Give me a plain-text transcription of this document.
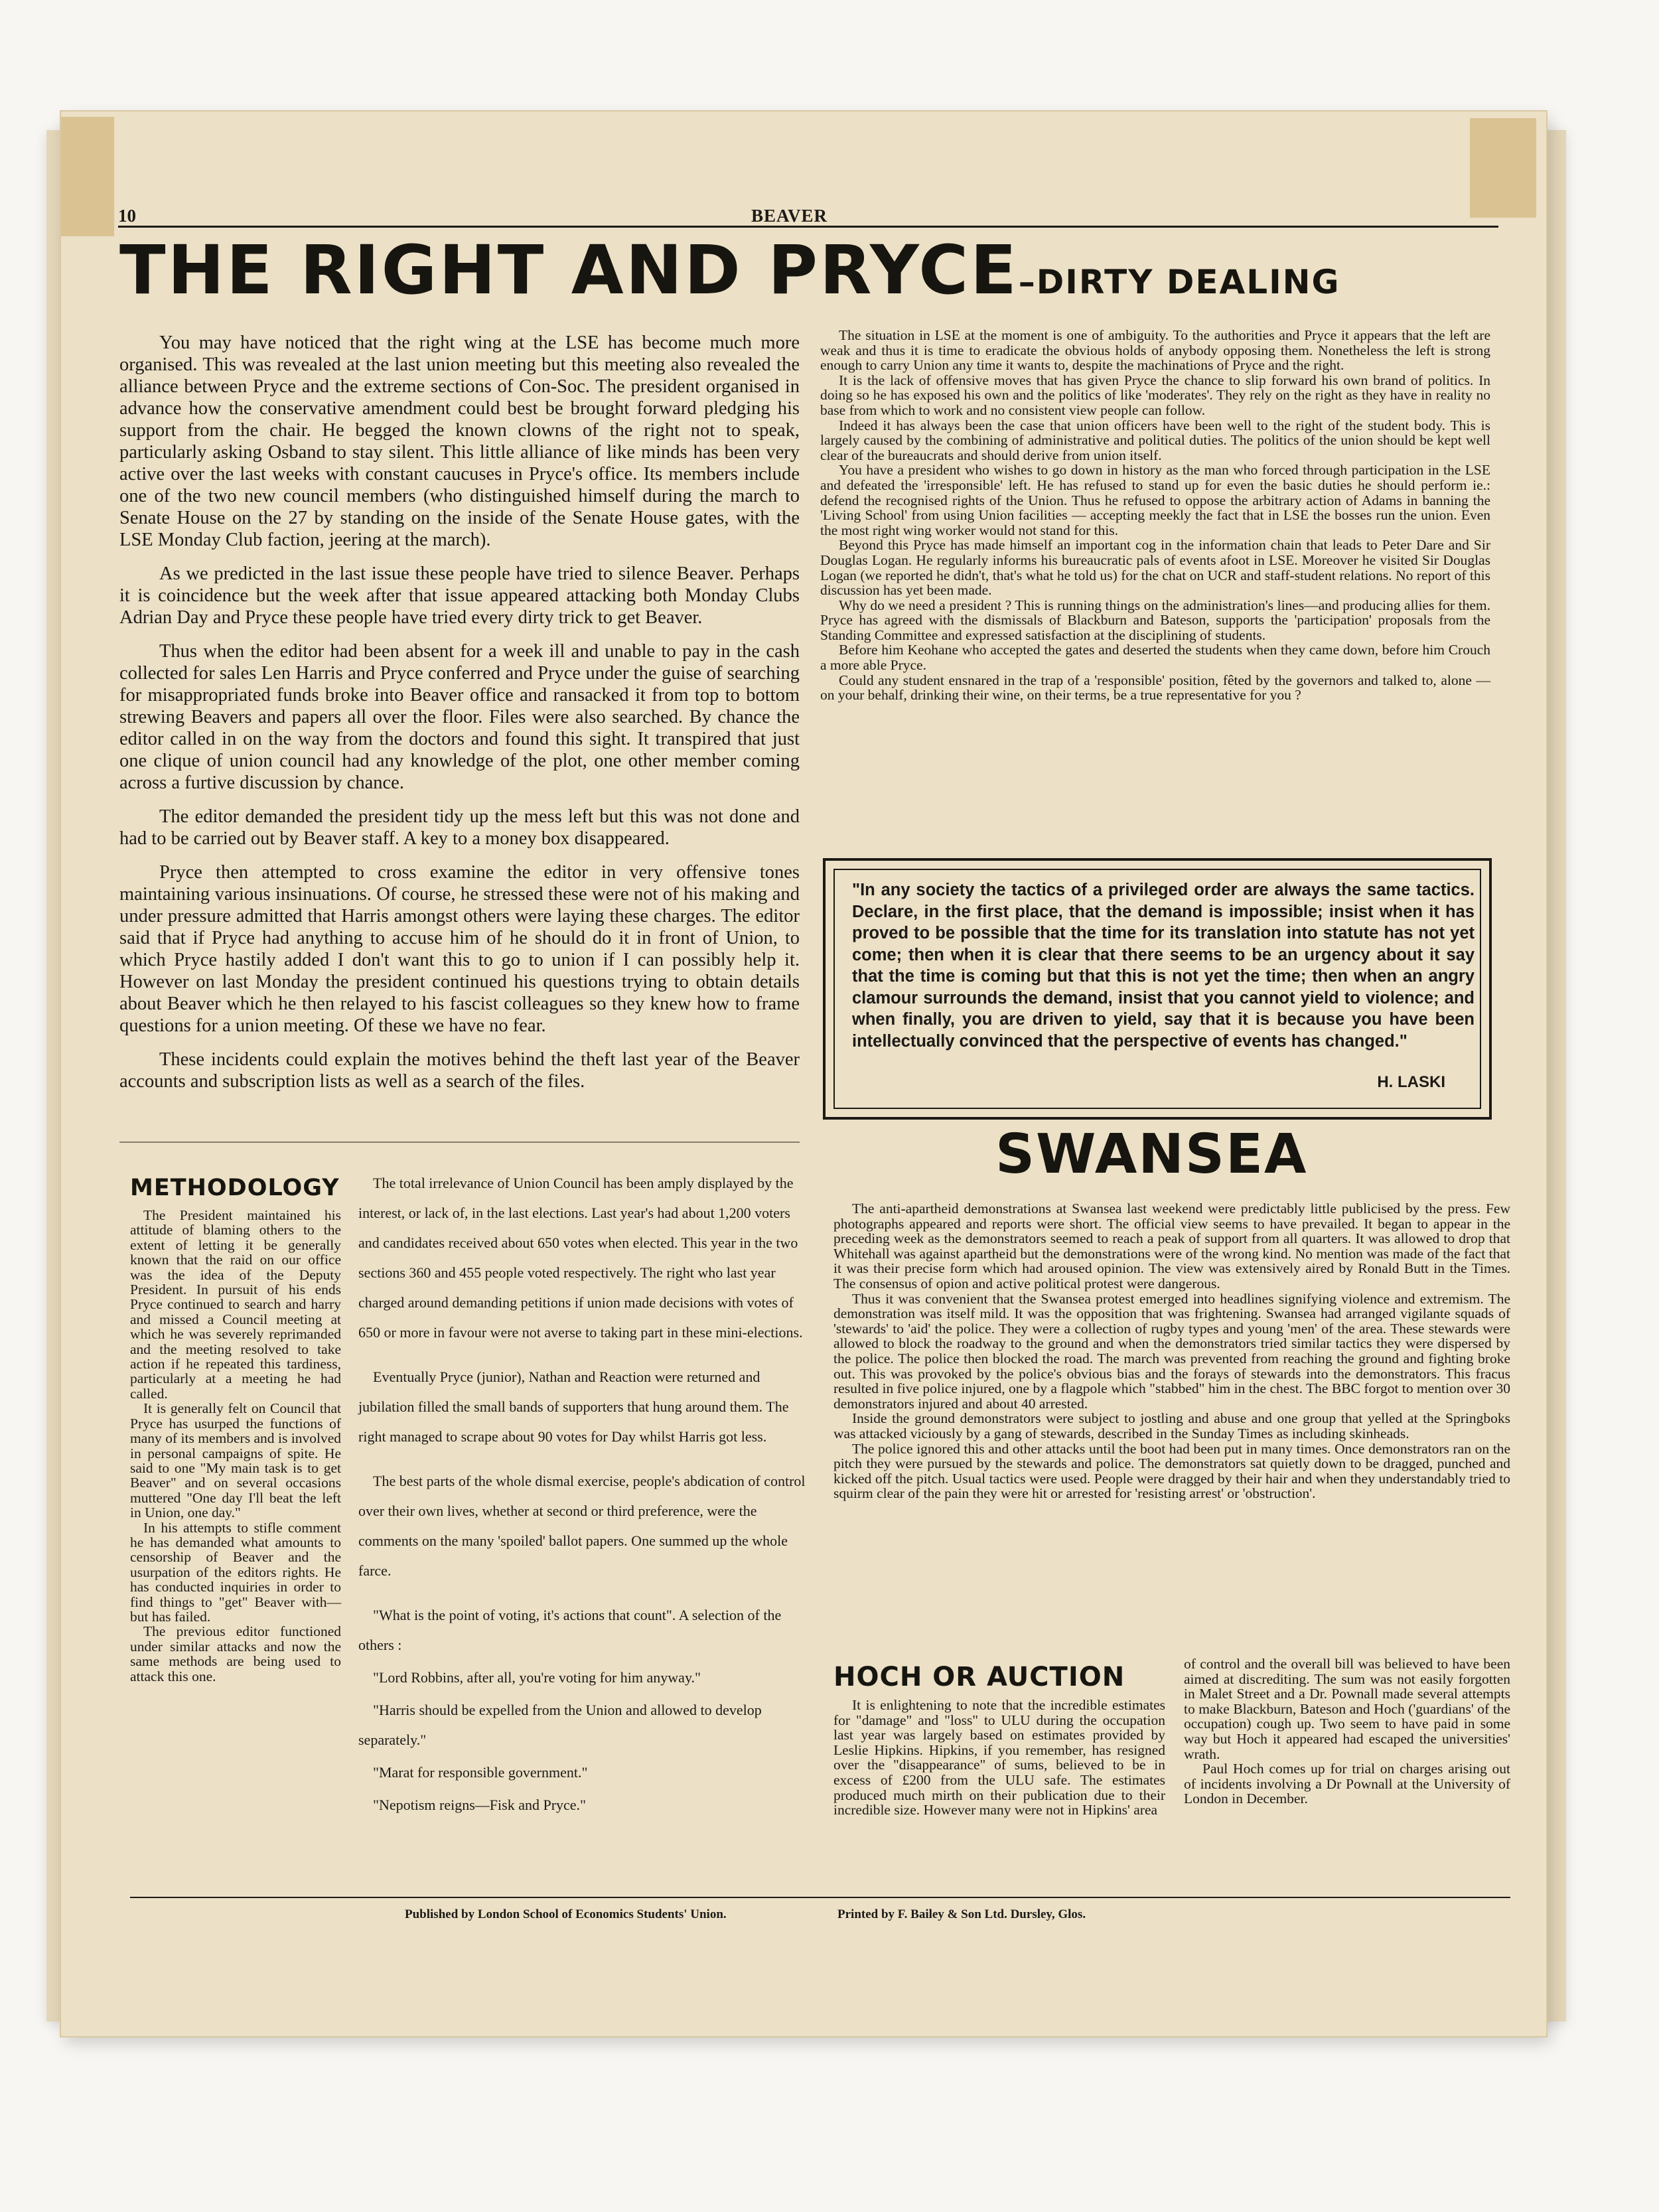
10	BEAVER
THE RIGHT AND PRYCE–DIRTY DEALING

You may have noticed that the right wing at the LSE has become much more organised. This was revealed at the last union meeting but this meeting also revealed the alliance between Pryce and the extreme sections of Con-Soc. The president organised in advance how the conservative amendment could best be brought forward pledging his support from the chair. He begged the known clowns of the right not to speak, particularly asking Osband to stay silent. This little alliance of like minds has been very active over the last weeks with constant caucuses in Pryce's office. Its members include one of the two new council members (who distinguished himself during the march to Senate House on the 27 by standing on the inside of the Senate House gates, with the LSE Monday Club faction, jeering at the march).

As we predicted in the last issue these people have tried to silence Beaver. Perhaps it is coincidence but the week after that issue appeared attacking both Monday Clubs Adrian Day and Pryce these people have tried every dirty trick to get Beaver.

Thus when the editor had been absent for a week ill and unable to pay in the cash collected for sales Len Harris and Pryce conferred and Pryce under the guise of searching for misappropriated funds broke into Beaver office and ransacked it from top to bottom strewing Beavers and papers all over the floor. Files were also searched. By chance the editor called in on the way from the doctors and found this sight. It transpired that just one clique of union council had any knowledge of the plot, one other member coming across a furtive discussion by chance.

The editor demanded the president tidy up the mess left but this was not done and had to be carried out by Beaver staff. A key to a money box disappeared.

Pryce then attempted to cross examine the editor in very offensive tones maintaining various insinuations. Of course, he stressed these were not of his making and under pressure admitted that Harris amongst others were laying these charges. The editor said that if Pryce had anything to accuse him of he should do it in front of Union, to which Pryce hastily added I don't want this to go to union if I can possibly help it. However on last Monday the president continued his questions trying to obtain details about Beaver which he then relayed to his fascist colleagues so they knew how to frame questions for a union meeting. Of these we have no fear.

These incidents could explain the motives behind the theft last year of the Beaver accounts and subscription lists as well as a search of the files.

The situation in LSE at the moment is one of ambiguity. To the authorities and Pryce it appears that the left are weak and thus it is time to eradicate the obvious holds of anybody opposing them. Nonetheless the left is strong enough to carry Union any time it wants to, despite the machinations of Pryce and the right.

It is the lack of offensive moves that has given Pryce the chance to slip forward his own brand of politics. In doing so he has exposed his own and the politics of like 'moderates'. They rely on the right as they have in reality no base from which to work and no consistent view people can follow.

Indeed it has always been the case that union officers have been well to the right of the student body. This is largely caused by the combining of administrative and political duties. The politics of the union should be kept well clear of the bureaucrats and should derive from union itself.

You have a president who wishes to go down in history as the man who forced through participation in the LSE and defeated the 'irresponsible' left. He has refused to stand up for even the basic duties he should perform ie.: defend the recognised rights of the Union. Thus he refused to oppose the arbitrary action of Adams in banning the 'Living School' from using Union facilities — accepting meekly the fact that in LSE the bosses run the union. Even the most right wing worker would not stand for this.

Beyond this Pryce has made himself an important cog in the information chain that leads to Peter Dare and Sir Douglas Logan. He regularly informs his bureaucratic pals of events afoot in LSE. Moreover he visited Sir Douglas Logan (we reported he didn't, that's what he told us) for the chat on UCR and staff-student relations. No report of this discussion has yet been made.

Why do we need a president ? This is running things on the administration's lines—and producing allies for them. Pryce has agreed with the dismissals of Blackburn and Bateson, supports the 'participation' proposals from the Standing Committee and expressed satisfaction at the disciplining of students.

Before him Keohane who accepted the gates and deserted the students when they came down, before him Crouch a more able Pryce.

Could any student ensnared in the trap of a 'responsible' position, fêted by the governors and talked to, alone — on your behalf, drinking their wine, on their terms, be a true representative for you ?

"In any society the tactics of a privileged order are always the same tactics. Declare, in the first place, that the demand is impossible; insist when it has proved to be possible that the time for its translation into statute has not yet come; then when it is clear that there seems to be an urgency about it say that the time is coming but that this is not yet the time; then when an angry clamour surrounds the demand, insist that you cannot yield to violence; and when finally, you are driven to yield, say that it is because you have been intellectually convinced that the perspective of events has changed."
H. LASKI
METHODOLOGY

The President maintained his attitude of blaming others to the extent of letting it be generally known that the raid on our office was the idea of the Deputy President. In pursuit of his ends Pryce continued to search and harry and missed a Council meeting at which he was severely reprimanded and the meeting resolved to take action if he repeated this tardiness, particularly at a meeting he had called.

It is generally felt on Council that Pryce has usurped the functions of many of its members and is involved in personal campaigns of spite. He said to one "My main task is to get Beaver" and on several occasions muttered "One day I'll beat the left in Union, one day."

In his attempts to stifle comment he has demanded what amounts to censorship of Beaver and the usurpation of the editors rights. He has conducted inquiries in order to find things to "get" Beaver with—but has failed.

The previous editor functioned under similar attacks and now the same methods are being used to attack this one.

The total irrelevance of Union Council has been amply displayed by the interest, or lack of, in the last elections. Last year's had about 1,200 voters and candidates received about 650 votes when elected. This year in the two sections 360 and 455 people voted respectively. The right who last year charged around demanding petitions if union made decisions with votes of 650 or more in favour were not averse to taking part in these mini-elections.

Eventually Pryce (junior), Nathan and Reaction were returned and jubilation filled the small bands of supporters that hung around them. The right managed to scrape about 90 votes for Day whilst Harris got less.

The best parts of the whole dismal exercise, people's abdication of control over their own lives, whether at second or third preference, were the comments on the many 'spoiled' ballot papers. One summed up the whole farce.

"What is the point of voting, it's actions that count". A selection of the others :

"Lord Robbins, after all, you're voting for him anyway."

"Harris should be expelled from the Union and allowed to develop separately."

"Marat for responsible government."

"Nepotism reigns—Fisk and Pryce."

SWANSEA

The anti-apartheid demonstrations at Swansea last weekend were predictably little publicised by the press. Few photographs appeared and reports were short. The official view seems to have prevailed. It began to appear in the preceding week as the demonstrators seemed to reach a peak of support from all quarters. It was allowed to drop that Whitehall was against apartheid but the demonstrations were of the wrong kind. No mention was made of the fact that it was their precise form which had aroused opinion. The view was extensively aired by Ronald Butt in the Times. The consensus of opion and active political protest were dangerous.

Thus it was convenient that the Swansea protest emerged into headlines signifying violence and extremism. The demonstration was itself mild. It was the opposition that was frightening. Swansea had arranged vigilante squads of 'stewards' to 'aid' the police. They were a collection of rugby types and young 'men' of the area. These stewards were allowed to block the roadway to the ground and when the demonstrators tried similar tactics they were dispersed by the police. The police then blocked the road. The march was prevented from reaching the ground and fighting broke out. This was provoked by the police's obvious bias and the forays of stewards into the demonstrators. This fracus resulted in five police injured, one by a flagpole which "stabbed" him in the chest. The BBC forgot to mention over 30 demonstrators injured and about 40 arrested.

Inside the ground demonstrators were subject to jostling and abuse and one group that yelled at the Springboks was attacked viciously by a gang of stewards, described in the Sunday Times as including skinheads.

The police ignored this and other attacks until the boot had been put in many times. Once demonstrators ran on the pitch they were pursued by the stewards and police. The demonstrators sat quietly down to be dragged, punched and kicked off the pitch. Usual tactics were used. People were dragged by their hair and when they understandably tried to squirm clear of the pain they were hit or arrested for 'resisting arrest' or 'obstruction'.

HOCH OR AUCTION

It is enlightening to note that the incredible estimates for "damage" and "loss" to ULU during the occupation last year was largely based on estimates provided by Leslie Hipkins. Hipkins, if you remember, has resigned over the "disappearance" of sums, believed to be in excess of £200 from the ULU safe. The estimates produced much mirth on their publication due to their incredible size. However many were not in Hipkins' area

of control and the overall bill was believed to have been aimed at discrediting. The sum was not easily forgotten in Malet Street and a Dr. Pownall made several attempts to make Blackburn, Bateson and Hoch ('guardians' of the occupation) cough up. Two seem to have paid in some way but Hoch it appeared had escaped the universities' wrath.

Paul Hoch comes up for trial on charges arising out of incidents involving a Dr Pownall at the University of London in December.

Published by London School of Economics Students' Union.	Printed by F. Bailey & Son Ltd. Dursley, Glos.
